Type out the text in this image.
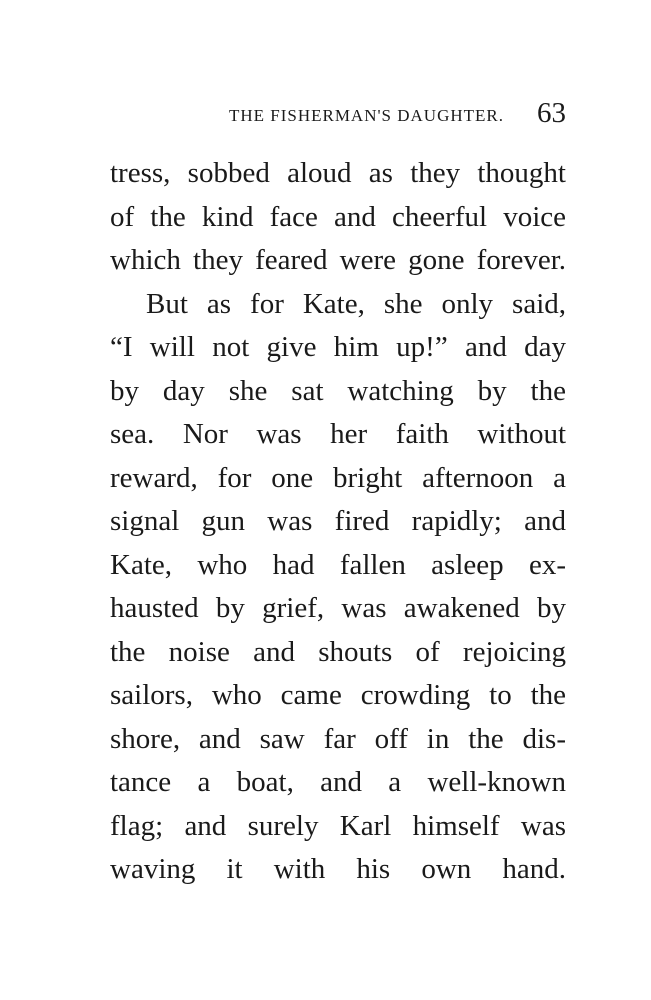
THE FISHERMAN'S DAUGHTER. 63
tress, sobbed aloud as they thought
of the kind face and cheerful voice
which they feared were gone forever.
But as for Kate, she only said,
“I will not give him up!” and day
by day she sat watching by the
sea. Nor was her faith without
reward, for one bright afternoon a
signal gun was fired rapidly; and
Kate, who had fallen asleep ex-
hausted by grief, was awakened by
the noise and shouts of rejoicing
sailors, who came crowding to the
shore, and saw far off in the dis-
tance a boat, and a well-known
flag; and surely Karl himself was
waving it with his own hand.
